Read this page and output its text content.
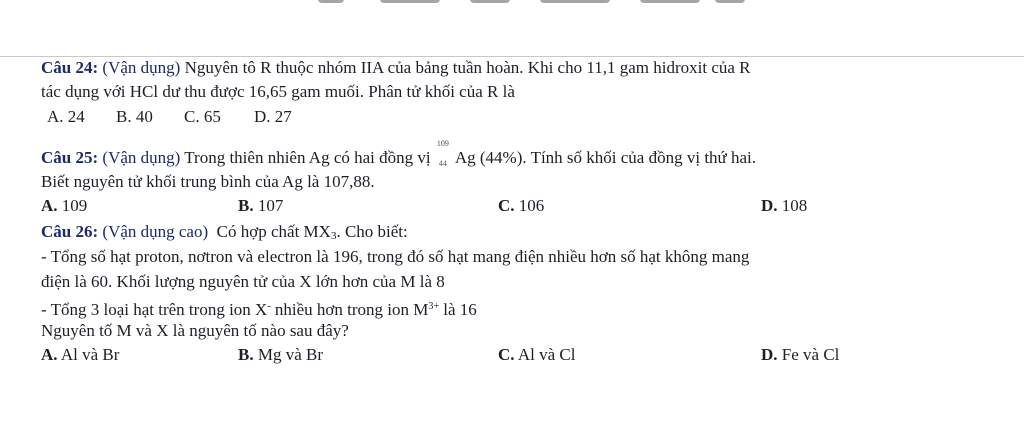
Câu 24: (Vận dụng) Nguyên tô R thuộc nhóm IIA của bảng tuần hoàn. Khi cho 11,1 gam hidroxit của R
tác dụng với HCl dư thu được 16,65 gam muối. Phân tử khối của R là
A. 24 B. 40 C. 65 D. 27
Câu 25: (Vận dụng) Trong thiên nhiên Ag có hai đồng vị
109
44 Ag (44%). Tính số khối của đồng vị thứ hai.
Biết nguyên tử khối trung bình của Ag là 107,88.
A. 109	B. 107	C. 106	D. 108
Câu 26: (Vận dụng cao) Có hợp chất $MX_3$. Cho biết:
- Tổng số hạt proton, nơtron và electron là 196, trong đó số hạt mang điện nhiều hơn số hạt không mang
điện là 60. Khối lượng nguyên tử của X lớn hơn của M là 8
- Tổng 3 loại hạt trên trong ion X- nhiều hơn trong ion $M^{3+}$ là 16
Nguyên tố M và X là nguyên tố nào sau đây?
A. Al và Br	B. Mg và Br	C. Al và Cl	D. Fe và Cl
